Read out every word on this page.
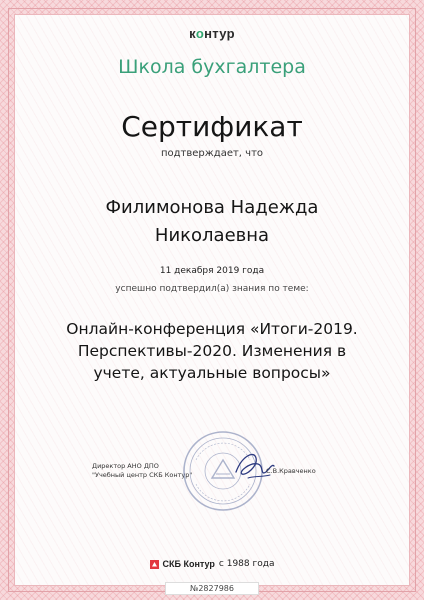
контур
Школа бухгалтера
Сертификат
подтверждает, что
Филимонова Надежда
Николаевна
11 декабря 2019 года
успешно подтвердил(а) знания по теме:
Онлайн-конференция «Итоги-2019.
Перспективы-2020. Изменения в
учете, актуальные вопросы»
Директор АНО ДПО
"Учебный центр СКБ Контур"	С.В.Кравченко
СКБ Контур с 1988 года
№2827986
